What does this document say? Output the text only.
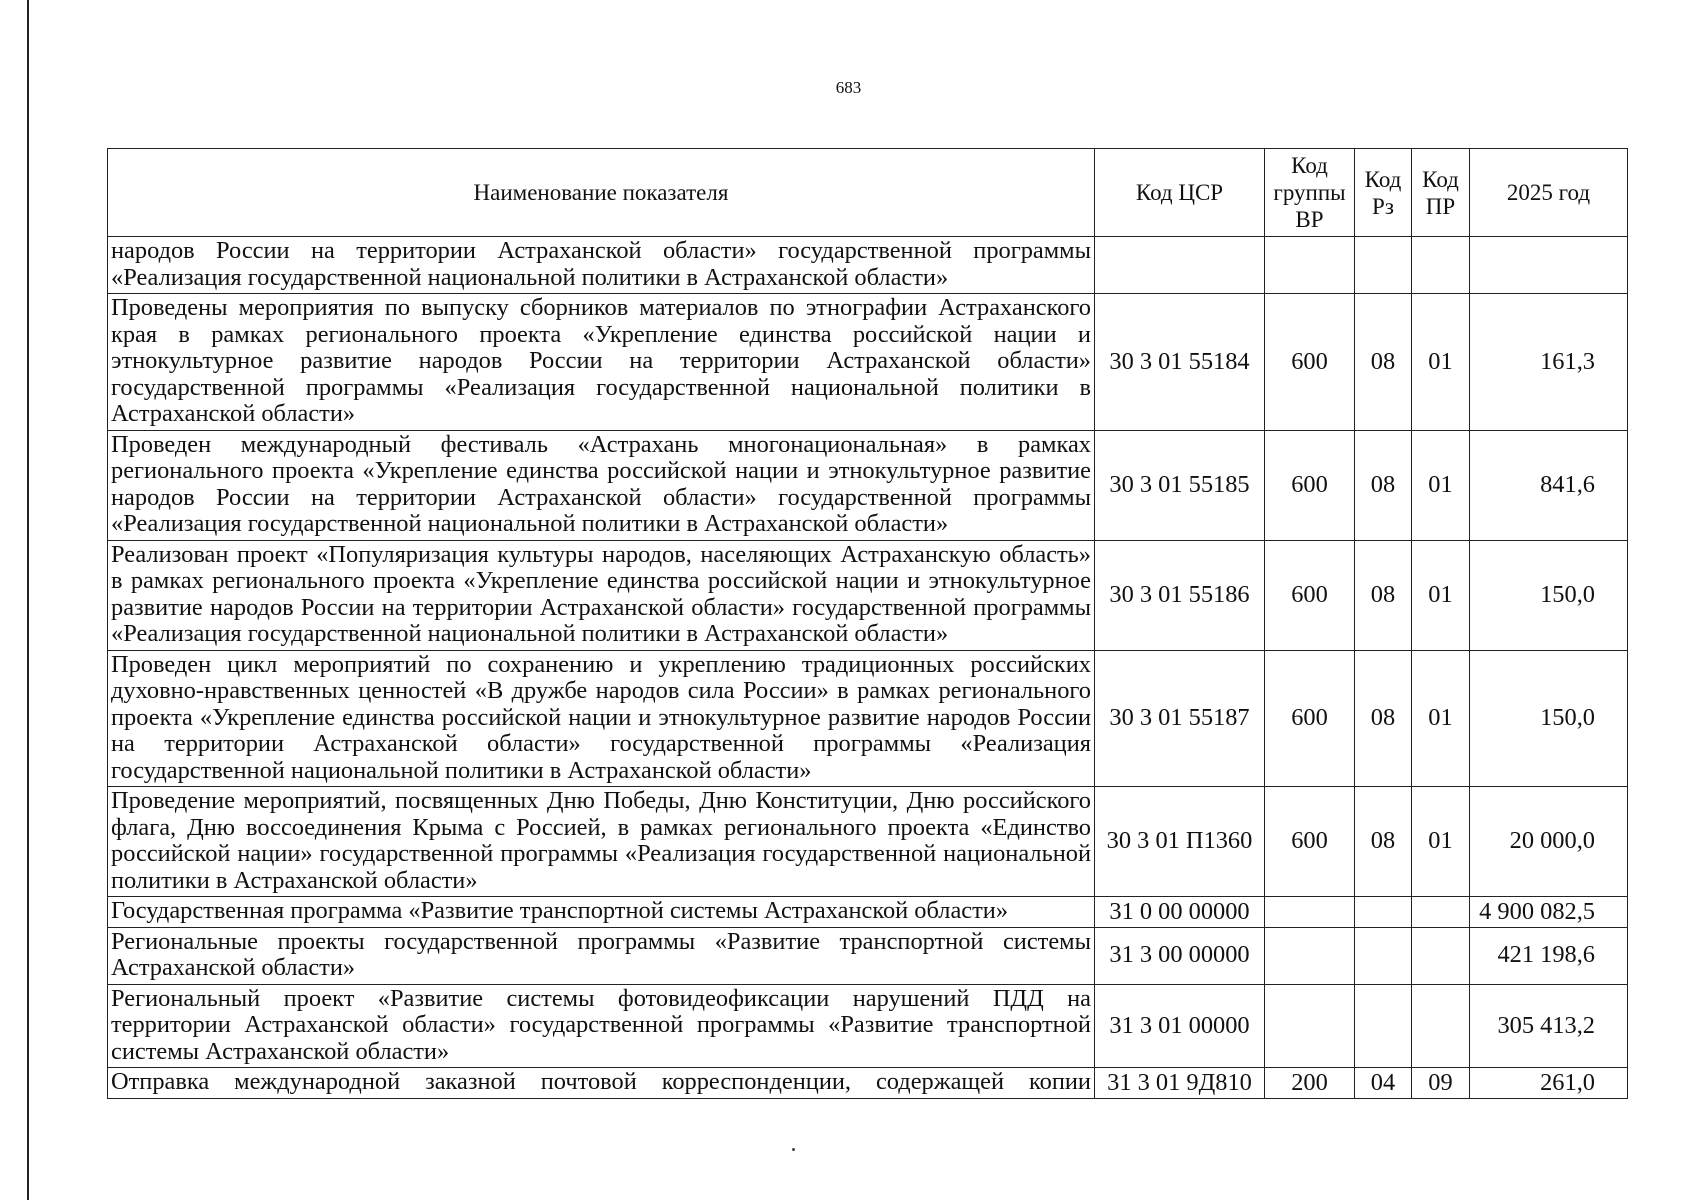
683
Наименование показателя	Код ЦСР	Код группы ВР	Код Рз	Код ПР	2025 год
народов России на территории Астраханской области» государственной программы «Реализация государственной национальной политики в Астраханской области»					
Проведены мероприятия по выпуску сборников материалов по этнографии Астраханского края в рамках регионального проекта «Укрепление единства российской нации и этнокультурное развитие народов России на территории Астраханской области» государственной программы «Реализация государственной национальной политики в Астраханской области»	30 3 01 55184	600	08	01	161,3
Проведен международный фестиваль «Астрахань многонациональная» в рамках регионального проекта «Укрепление единства российской нации и этнокультурное развитие народов России на территории Астраханской области» государственной программы «Реализация государственной национальной политики в Астраханской области»	30 3 01 55185	600	08	01	841,6
Реализован проект «Популяризация культуры народов, населяющих Астраханскую область» в рамках регионального проекта «Укрепление единства российской нации и этнокультурное развитие народов России на территории Астраханской области» государственной программы «Реализация государственной национальной политики в Астраханской области»	30 3 01 55186	600	08	01	150,0
Проведен цикл мероприятий по сохранению и укреплению традиционных российских духовно-нравственных ценностей «В дружбе народов сила России» в рамках регионального проекта «Укрепление единства российской нации и этнокультурное развитие народов России на территории Астраханской области» государственной программы «Реализация государственной национальной политики в Астраханской области»	30 3 01 55187	600	08	01	150,0
Проведение мероприятий, посвященных Дню Победы, Дню Конституции, Дню российского флага, Дню воссоединения Крыма с Россией, в рамках регионального проекта «Единство российской нации» государственной программы «Реализация государственной национальной политики в Астраханской области»	30 3 01 П1360	600	08	01	20 000,0
Государственная программа «Развитие транспортной системы Астраханской области»	31 0 00 00000				4 900 082,5
Региональные проекты государственной программы «Развитие транспортной системы Астраханской области»	31 3 00 00000				421 198,6
Региональный проект «Развитие системы фотовидеофиксации нарушений ПДД на территории Астраханской области» государственной программы «Развитие транспортной системы Астраханской области»	31 3 01 00000				305 413,2
Отправка международной заказной почтовой корреспонденции, содержащей копии	31 3 01 9Д810	200	04	09	261,0
